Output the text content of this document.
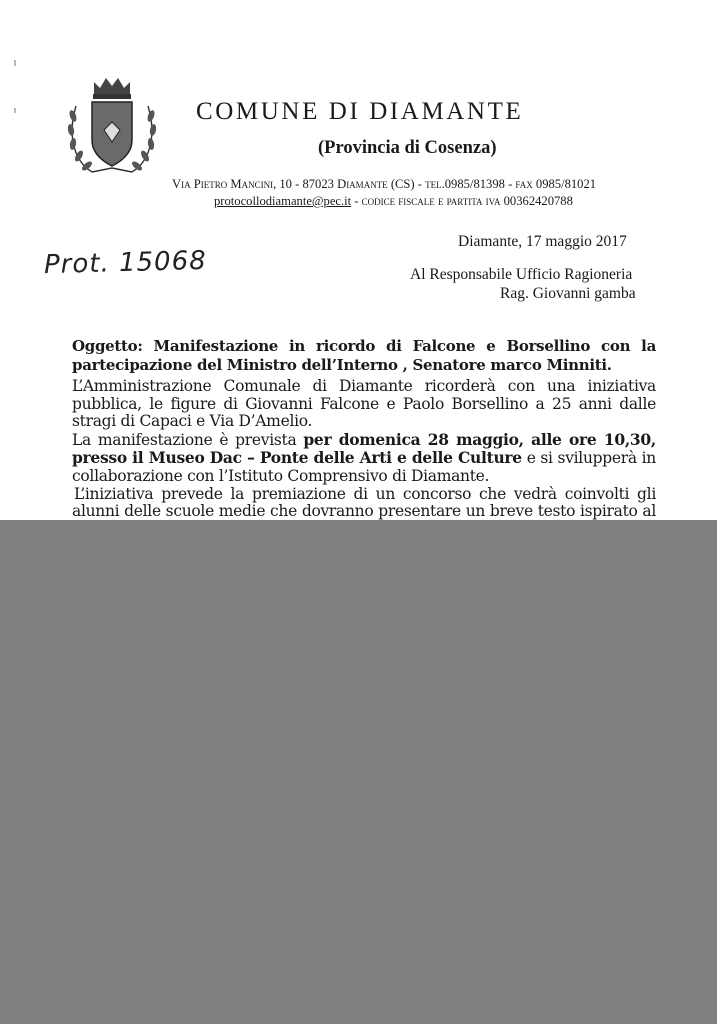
COMUNE DI DIAMANTE
(Provincia di Cosenza)
Via Pietro Mancini, 10 - 87023 Diamante (CS) - tel.0985/81398 - fax 0985/81021
protocollodiamante@pec.it - codice fiscale e partita iva 00362420788
Prot. 15068
Diamante, 17 maggio 2017
Al Responsabile Ufficio Ragioneria
Rag. Giovanni gamba
Oggetto: Manifestazione in ricordo di Falcone e Borsellino con la partecipazione del Ministro dell’Interno , Senatore marco Minniti.

L’Amministrazione Comunale di Diamante ricorderà con una iniziativa pubblica, le figure di Giovanni Falcone e Paolo Borsellino a 25 anni dalle stragi di Capaci e Via D’Amelio.

La manifestazione è prevista per domenica 28 maggio, alle ore 10,30, presso il Museo Dac – Ponte delle Arti e delle Culture e si svilupperà in collaborazione con l’Istituto Comprensivo di Diamante.

L’iniziativa prevede la premiazione di un concorso che vedrà coinvolti gli alunni delle scuole medie che dovranno presentare un breve testo ispirato al
